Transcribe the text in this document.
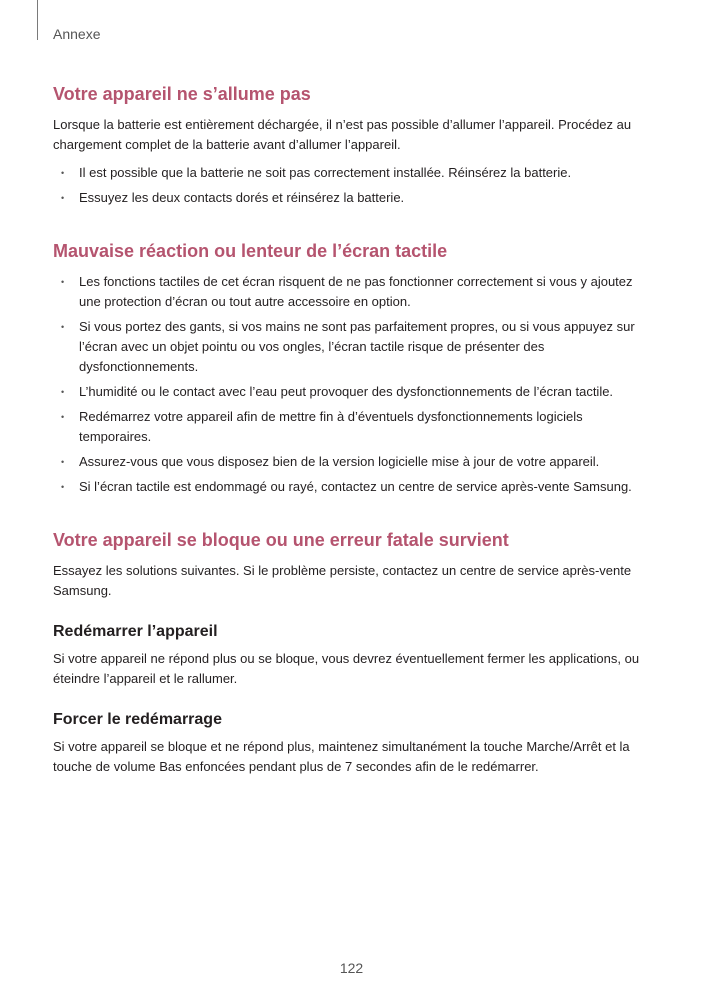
Annexe
Votre appareil ne s’allume pas

Lorsque la batterie est entièrement déchargée, il n’est pas possible d’allumer l’appareil. Procédez au chargement complet de la batterie avant d’allumer l’appareil.

• Il est possible que la batterie ne soit pas correctement installée. Réinsérez la batterie.
• Essuyez les deux contacts dorés et réinsérez la batterie.
Mauvaise réaction ou lenteur de l’écran tactile
• Les fonctions tactiles de cet écran risquent de ne pas fonctionner correctement si vous y ajoutez une protection d’écran ou tout autre accessoire en option.
• Si vous portez des gants, si vos mains ne sont pas parfaitement propres, ou si vous appuyez sur l’écran avec un objet pointu ou vos ongles, l’écran tactile risque de présenter des dysfonctionnements.
• L’humidité ou le contact avec l’eau peut provoquer des dysfonctionnements de l’écran tactile.
• Redémarrez votre appareil afin de mettre fin à d’éventuels dysfonctionnements logiciels temporaires.
• Assurez-vous que vous disposez bien de la version logicielle mise à jour de votre appareil.
• Si l’écran tactile est endommagé ou rayé, contactez un centre de service après-vente Samsung.
Votre appareil se bloque ou une erreur fatale survient

Essayez les solutions suivantes. Si le problème persiste, contactez un centre de service après-vente Samsung.

Redémarrer l’appareil

Si votre appareil ne répond plus ou se bloque, vous devrez éventuellement fermer les applications, ou éteindre l’appareil et le rallumer.

Forcer le redémarrage

Si votre appareil se bloque et ne répond plus, maintenez simultanément la touche Marche/Arrêt et la touche de volume Bas enfoncées pendant plus de 7 secondes afin de le redémarrer.

122
